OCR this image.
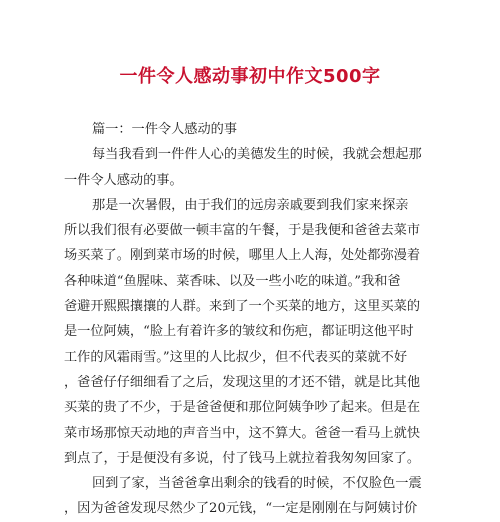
一件令人感动事初中作文500字
篇一：一件令人感动的事
每当我看到一件件人心的美德发生的时候，我就会想起那
一件令人感动的事。
那是一次暑假，由于我们的远房亲戚要到我们家来探亲
所以我们很有必要做一顿丰富的午餐，于是我便和爸爸去菜市
场买菜了。刚到菜市场的时候，哪里人上人海，处处都弥漫着
各种味道“鱼腥味、菜香味、以及一些小吃的味道。”我和爸
爸避开熙熙攘攘的人群。来到了一个买菜的地方，这里买菜的
是一位阿姨，“脸上有着许多的皱纹和伤疤，都证明这他平时
工作的风霜雨雪。”这里的人比叔少，但不代表买的菜就不好
，爸爸仔仔细细看了之后，发现这里的才还不错，就是比其他
买菜的贵了不少，于是爸爸便和那位阿姨争吵了起来。但是在
菜市场那惊天动地的声音当中，这不算大。爸爸一看马上就快
到点了，于是便没有多说，付了钱马上就拉着我匆匆回家了。
回到了家，当爸爸拿出剩余的钱看的时候，不仅脸色一震
，因为爸爸发现尽然少了20元钱，“一定是刚刚在与阿姨讨价
